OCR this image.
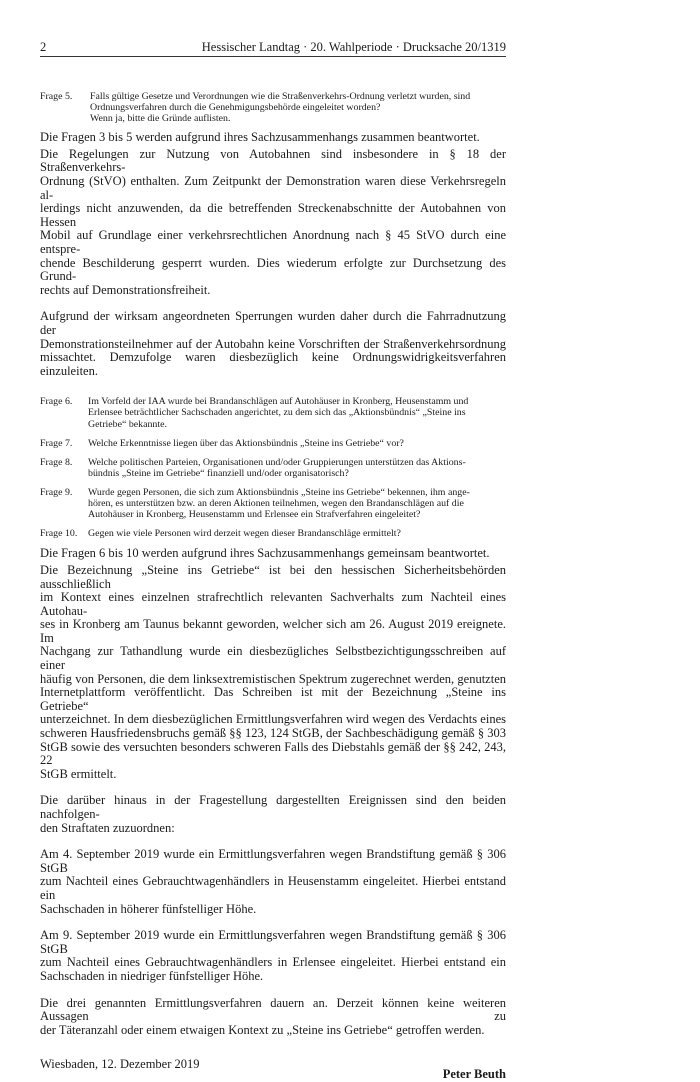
2	Hessischer Landtag · 20. Wahlperiode · Drucksache 20/1319
Frage 5.	Falls gültige Gesetze und Verordnungen wie die Straßenverkehrs-Ordnung verletzt wurden, sind
Ordnungsverfahren durch die Genehmigungsbehörde eingeleitet worden?
Wenn ja, bitte die Gründe auflisten.

Die Fragen 3 bis 5 werden aufgrund ihres Sachzusammenhangs zusammen beantwortet.

Die Regelungen zur Nutzung von Autobahnen sind insbesondere in § 18 der Straßenverkehrs-
Ordnung (StVO) enthalten. Zum Zeitpunkt der Demonstration waren diese Verkehrsregeln al-
lerdings nicht anzuwenden, da die betreffenden Streckenabschnitte der Autobahnen von Hessen
Mobil auf Grundlage einer verkehrsrechtlichen Anordnung nach § 45 StVO durch eine entspre-
chende Beschilderung gesperrt wurden. Dies wiederum erfolgte zur Durchsetzung des Grund-
rechts auf Demonstrationsfreiheit.

Aufgrund der wirksam angeordneten Sperrungen wurden daher durch die Fahrradnutzung der
Demonstrationsteilnehmer auf der Autobahn keine Vorschriften der Straßenverkehrsordnung
missachtet. Demzufolge waren diesbezüglich keine Ordnungswidrigkeitsverfahren einzuleiten.

Frage 6.	Im Vorfeld der IAA wurde bei Brandanschlägen auf Autohäuser in Kronberg, Heusenstamm und
Erlensee beträchtlicher Sachschaden angerichtet, zu dem sich das „Aktionsbündnis“ „Steine ins
Getriebe“ bekannte.
Frage 7.	Welche Erkenntnisse liegen über das Aktionsbündnis „Steine ins Getriebe“ vor?
Frage 8.	Welche politischen Parteien, Organisationen und/oder Gruppierungen unterstützen das Aktions-
bündnis „Steine im Getriebe“ finanziell und/oder organisatorisch?
Frage 9.	Wurde gegen Personen, die sich zum Aktionsbündnis „Steine ins Getriebe“ bekennen, ihm ange-
hören, es unterstützen bzw. an deren Aktionen teilnehmen, wegen den Brandanschlägen auf die
Autohäuser in Kronberg, Heusenstamm und Erlensee ein Strafverfahren eingeleitet?
Frage 10.	Gegen wie viele Personen wird derzeit wegen dieser Brandanschläge ermittelt?

Die Fragen 6 bis 10 werden aufgrund ihres Sachzusammenhangs gemeinsam beantwortet.

Die Bezeichnung „Steine ins Getriebe“ ist bei den hessischen Sicherheitsbehörden ausschließlich
im Kontext eines einzelnen strafrechtlich relevanten Sachverhalts zum Nachteil eines Autohau-
ses in Kronberg am Taunus bekannt geworden, welcher sich am 26. August 2019 ereignete. Im
Nachgang zur Tathandlung wurde ein diesbezügliches Selbstbezichtigungsschreiben auf einer
häufig von Personen, die dem linksextremistischen Spektrum zugerechnet werden, genutzten
Internetplattform veröffentlicht. Das Schreiben ist mit der Bezeichnung „Steine ins Getriebe“
unterzeichnet. In dem diesbezüglichen Ermittlungsverfahren wird wegen des Verdachts eines
schweren Hausfriedensbruchs gemäß §§ 123, 124 StGB, der Sachbeschädigung gemäß § 303
StGB sowie des versuchten besonders schweren Falls des Diebstahls gemäß der §§ 242, 243, 22
StGB ermittelt.

Die darüber hinaus in der Fragestellung dargestellten Ereignissen sind den beiden nachfolgen-
den Straftaten zuzuordnen:

Am 4. September 2019 wurde ein Ermittlungsverfahren wegen Brandstiftung gemäß § 306 StGB
zum Nachteil eines Gebrauchtwagenhändlers in Heusenstamm eingeleitet. Hierbei entstand ein
Sachschaden in höherer fünfstelliger Höhe.

Am 9. September 2019 wurde ein Ermittlungsverfahren wegen Brandstiftung gemäß § 306 StGB
zum Nachteil eines Gebrauchtwagenhändlers in Erlensee eingeleitet. Hierbei entstand ein
Sachschaden in niedriger fünfstelliger Höhe.

Die drei genannten Ermittlungsverfahren dauern an. Derzeit können keine weiteren Aussagen zu
der Täteranzahl oder einem etwaigen Kontext zu „Steine ins Getriebe“ getroffen werden.

Wiesbaden, 12. Dezember 2019
Peter Beuth
